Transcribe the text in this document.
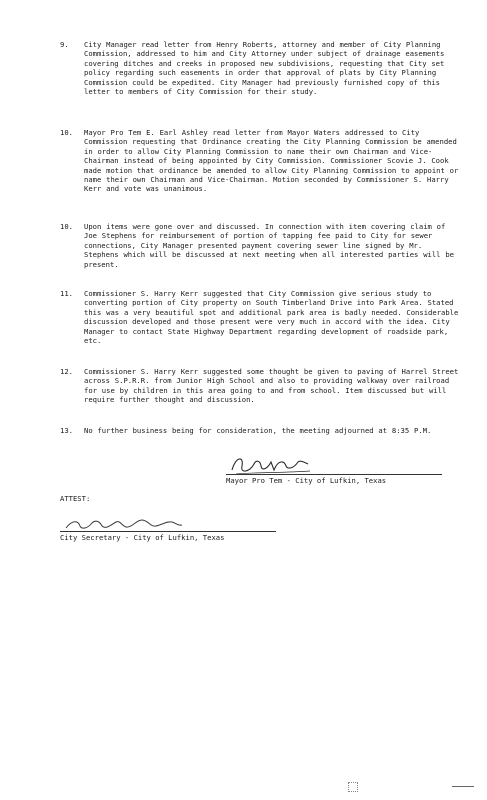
9.	City Manager read letter from Henry Roberts, attorney and member of City Planning Commission, addressed to him and City Attorney under subject of drainage easements covering ditches and creeks in proposed new subdivisions, requesting that City set policy regarding such easements in order that approval of plats by City Planning Commission could be expedited. City Manager had previously furnished copy of this letter to members of City Commission for their study.
10.	Mayor Pro Tem E. Earl Ashley read letter from Mayor Waters addressed to City Commission requesting that Ordinance creating the City Planning Commission be amended in order to allow City Planning Commission to name their own Chairman and Vice-Chairman instead of being appointed by City Commission. Commissioner Scovie J. Cook made motion that ordinance be amended to allow City Planning Commission to appoint or name their own Chairman and Vice-Chairman. Motion seconded by Commissioner S. Harry Kerr and vote was unanimous.
10.	Upon items were gone over and discussed. In connection with item covering claim of Joe Stephens for reimbursement of portion of tapping fee paid to City for sewer connections, City Manager presented payment covering sewer line signed by Mr. Stephens which will be discussed at next meeting when all interested parties will be present.
11.	Commissioner S. Harry Kerr suggested that City Commission give serious study to converting portion of City property on South Timberland Drive into Park Area. Stated this was a very beautiful spot and additional park area is badly needed. Considerable discussion developed and those present were very much in accord with the idea. City Manager to contact State Highway Department regarding development of roadside park, etc.
12.	Commissioner S. Harry Kerr suggested some thought be given to paving of Harrel Street across S.P.R.R. from Junior High School and also to providing walkway over railroad for use by children in this area going to and from school. Item discussed but will require further thought and discussion.
13.	No further business being for consideration, the meeting adjourned at 8:35 P.M.
Mayor Pro Tem - City of Lufkin, Texas
ATTEST:
City Secretary - City of Lufkin, Texas
